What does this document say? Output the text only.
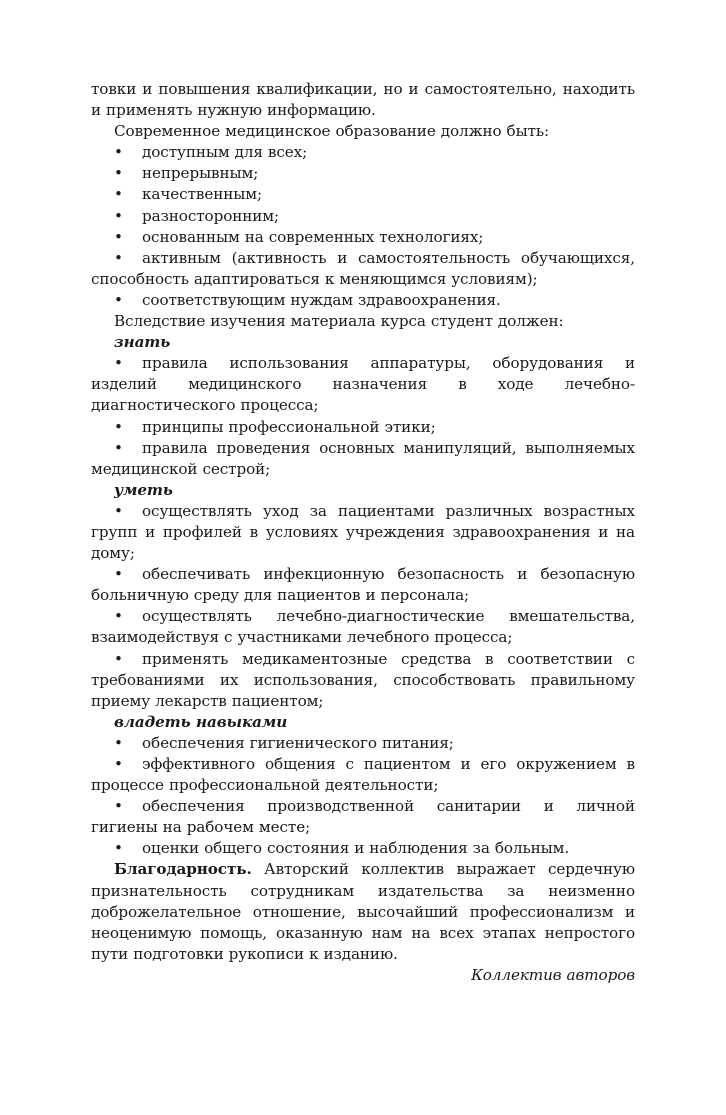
товки и повышения квалификации, но и самостоятельно, находить и применять нужную информацию.

Современное медицинское образование должно быть:

• доступным для всех;

• непрерывным;

• качественным;

• разносторонним;

• основанным на современных технологиях;

• активным (активность и самостоятельность обучающихся, способность адаптироваться к меняющимся условиям);

• соответствующим нуждам здравоохранения.

Вследствие изучения материала курса студент должен:

знать

• правила использования аппаратуры, оборудования и изделий медицинского назначения в ходе лечебно-диагностического процесса;

• принципы профессиональной этики;

• правила проведения основных манипуляций, выполняемых медицинской сестрой;

уметь

• осуществлять уход за пациентами различных возрастных групп и профилей в условиях учреждения здравоохранения и на дому;

• обеспечивать инфекционную безопасность и безопасную больничную среду для пациентов и персонала;

• осуществлять лечебно-диагностические вмешательства, взаимодействуя с участниками лечебного процесса;

• применять медикаментозные средства в соответствии с требованиями их использования, способствовать правильному приему лекарств пациентом;

владеть навыками

• обеспечения гигиенического питания;

• эффективного общения с пациентом и его окружением в процессе профессиональной деятельности;

• обеспечения производственной санитарии и личной гигиены на рабочем месте;

• оценки общего состояния и наблюдения за больным.

Благодарность. Авторский коллектив выражает сердечную признательность сотрудникам издательства за неизменно доброжелательное отношение, высочайший профессионализм и неоценимую помощь, оказанную нам на всех этапах непростого пути подготовки рукописи к изданию.

Коллектив авторов
